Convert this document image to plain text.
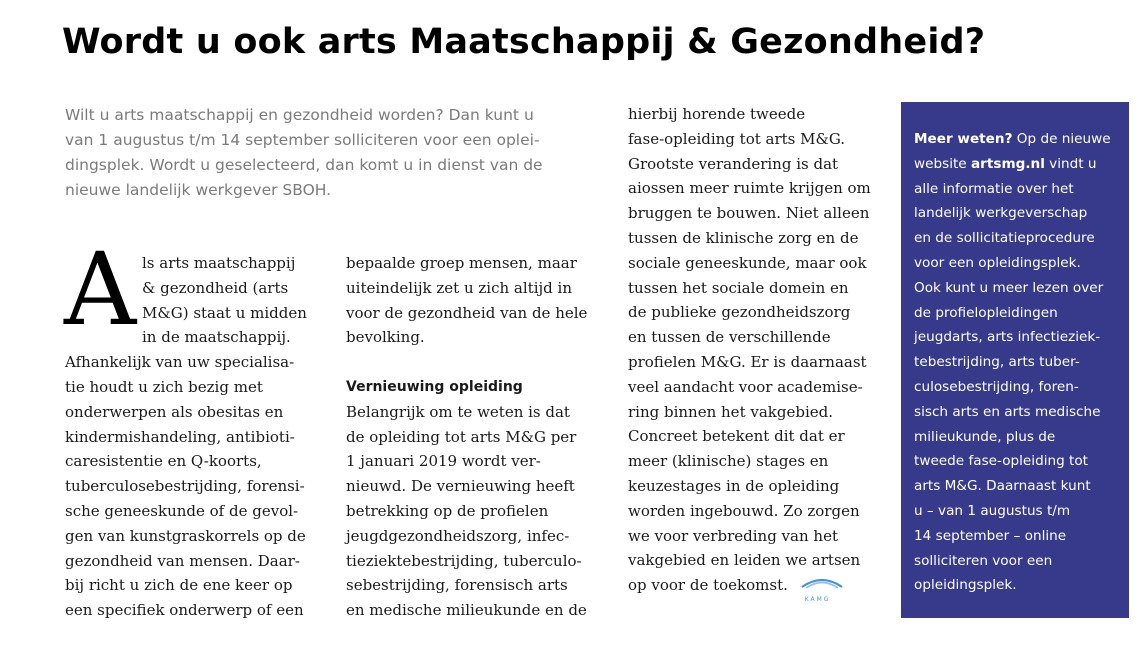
Wordt u ook arts Maatschappij & Gezondheid?
Wilt u arts maatschappij en gezondheid worden? Dan kunt u
van 1 augustus t/m 14 september solliciteren voor een oplei-
dingsplek. Wordt u geselecteerd, dan komt u in dienst van de
nieuwe landelijk werkgever SBOH.
A ls arts maatschappij
& gezondheid (arts
M&G) staat u midden
in de maatschappij.
Afhankelijk van uw specialisa-
tie houdt u zich bezig met
onderwerpen als obesitas en
kindermishandeling, antibioti-
caresistentie en Q-koorts,
tuberculosebestrijding, forensi-
sche geneeskunde of de gevol-
gen van kunstgraskorrels op de
gezondheid van mensen. Daar-
bij richt u zich de ene keer op
een specifiek onderwerp of een
bepaalde groep mensen, maar
uiteindelijk zet u zich altijd in
voor de gezondheid van de hele
bevolking.
Vernieuwing opleiding
Belangrijk om te weten is dat
de opleiding tot arts M&G per
1 januari 2019 wordt ver-
nieuwd. De vernieuwing heeft
betrekking op de profielen
jeugdgezondheidszorg, infec-
tieziektebestrijding, tuberculo-
sebestrijding, forensisch arts
en medische milieukunde en de
hierbij horende tweede
fase-opleiding tot arts M&G.
Grootste verandering is dat
aiossen meer ruimte krijgen om
bruggen te bouwen. Niet alleen
tussen de klinische zorg en de
sociale geneeskunde, maar ook
tussen het sociale domein en
de publieke gezondheidszorg
en tussen de verschillende
profielen M&G. Er is daarnaast
veel aandacht voor academise-
ring binnen het vakgebied.
Concreet betekent dit dat er
meer (klinische) stages en
keuzestages in de opleiding
worden ingebouwd. Zo zorgen
we voor verbreding van het
vakgebied en leiden we artsen
op voor de toekomst.
KAMG
Meer weten? Op de nieuwe
website artsmg.nl vindt u
alle informatie over het
landelijk werkgeverschap
en de sollicitatieprocedure
voor een opleidingsplek.
Ook kunt u meer lezen over
de profielopleidingen
jeugdarts, arts infectieziek-
tebestrijding, arts tuber-
culosebestrijding, foren-
sisch arts en arts medische
milieukunde, plus de
tweede fase-opleiding tot
arts M&G. Daarnaast kunt
u – van 1 augustus t/m
14 september – online
solliciteren voor een
opleidingsplek.
